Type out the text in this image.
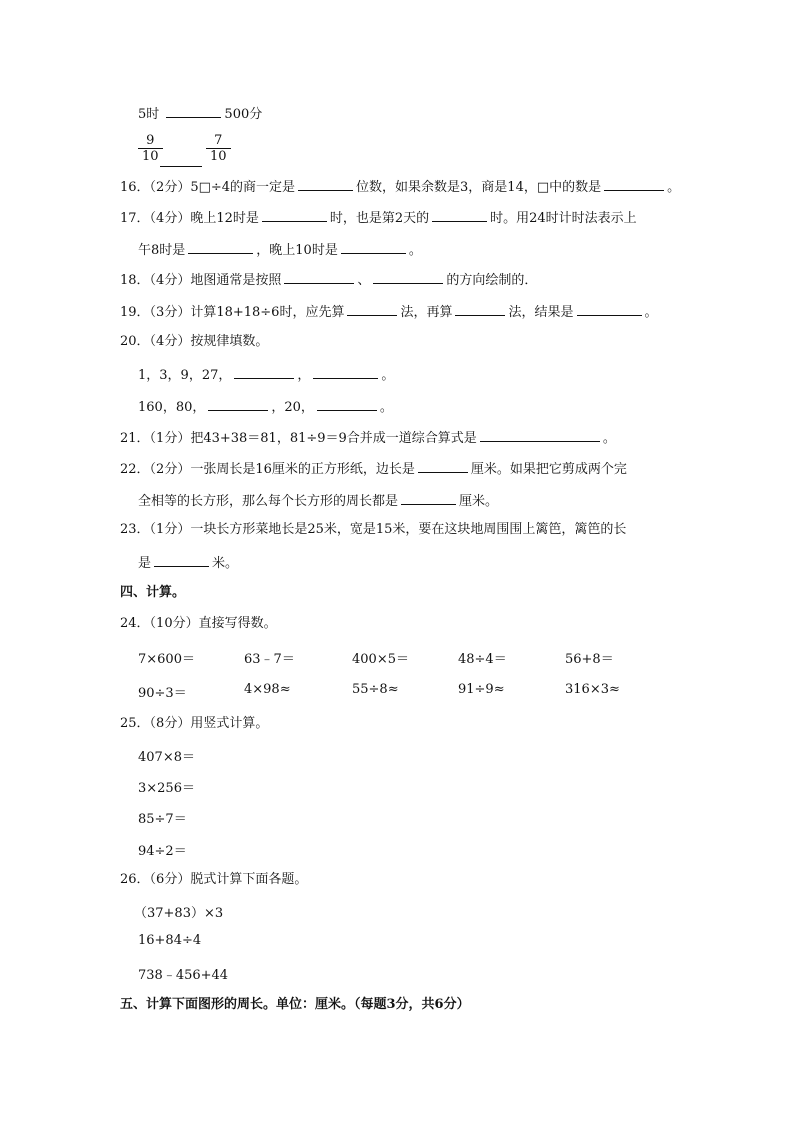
5时	500分
$\frac{9}{10}$	$\frac{7}{10}$
16．（2分）5□÷4的商一定是	位数，如果余数是3，商是14，□中的数是	。
17．（4分）晚上12时是	时，也是第2天的	时。用24时计时法表示上
午8时是	，晚上10时是	。
18．（4分）地图通常是按照	、	的方向绘制的．
19．（3分）计算18+18÷6时，应先算	法，再算	法，结果是	。
20．（4分）按规律填数。
1，3，9，27，	，	。
160，80，	，20，	。
21．（1分）把43+38＝81，81÷9＝9合并成一道综合算式是	。
22．（2分）一张周长是16厘米的正方形纸，边长是	厘米。如果把它剪成两个完
全相等的长方形，那么每个长方形的周长都是	厘米。
23．（1分）一块长方形菜地长是25米，宽是15米，要在这块地周围围上篱笆，篱笆的长
是	米。
四、计算。
24．（10分）直接写得数。
7×600＝	63﹣7＝	400×5＝	48÷4＝	56+8＝
90÷3＝	4×98≈	55÷8≈	91÷9≈	316×3≈
25．（8分）用竖式计算。
407×8＝
3×256＝
85÷7＝
94÷2＝
26．（6分）脱式计算下面各题。
（37+83）×3
16+84÷4
738﹣456+44
五、计算下面图形的周长。单位：厘米。（每题3分，共6分）
